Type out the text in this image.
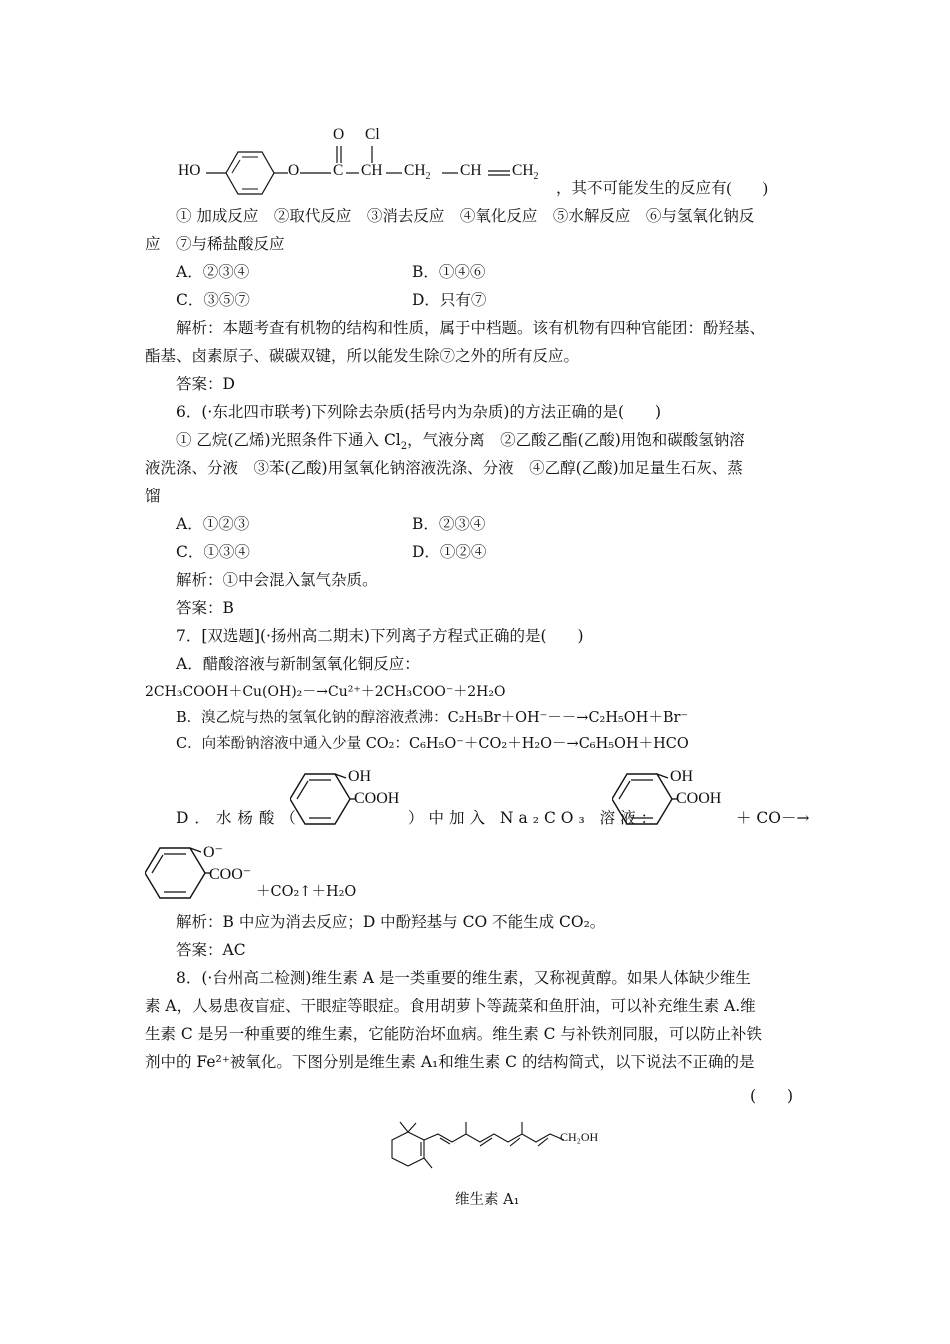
HO	O C
O
CH
Cl
$CH_2$ CH $CH_2$
，其不可能发生的反应有(　　)
① 加成反应　②取代反应　③消去反应　④氧化反应　⑤水解反应　⑥与氢氧化钠反
应　⑦与稀盐酸反应
A．②③④	B．①④⑥
C．③⑤⑦	D．只有⑦
解析：本题考查有机物的结构和性质，属于中档题。该有机物有四种官能团：酚羟基、
酯基、卤素原子、碳碳双键，所以能发生除⑦之外的所有反应。
答案：D
6．(·东北四市联考)下列除去杂质(括号内为杂质)的方法正确的是(　　)
① 乙烷(乙烯)光照条件下通入 $Cl_2$，气液分离　②乙酸乙酯(乙酸)用饱和碳酸氢钠溶
液洗涤、分液　③苯(乙酸)用氢氧化钠溶液洗涤、分液　④乙醇(乙酸)加足量生石灰、蒸
馏
A．①②③	B．②③④
C．①③④	D．①②④
解析：①中会混入氯气杂质。
答案：B
7．[双选题](·扬州高二期末)下列离子方程式正确的是(　　)
A．醋酸溶液与新制氢氧化铜反应：
2CH₃COOH＋Cu(OH)₂－→Cu²⁺＋2CH₃COO⁻＋2H₂O
B．溴乙烷与热的氢氧化钠的醇溶液煮沸：C₂H₅Br＋OH⁻－－→C₂H₅OH＋Br⁻
C．向苯酚钠溶液中通入少量 CO₂：C₆H₅O⁻＋CO₂＋H₂O－→C₆H₅OH＋HCO
D．水杨酸（
OH
COOH
）中加入 Na₂CO₃ 溶液：
OH
COOH
＋ CO－→
O⁻
COO⁻
＋CO₂↑＋H₂O
解析：B 中应为消去反应；D 中酚羟基与 CO 不能生成 CO₂。
答案：AC
8．(·台州高二检测)维生素 A 是一类重要的维生素，又称视黄醇。如果人体缺少维生
素 A，人易患夜盲症、干眼症等眼症。食用胡萝卜等蔬菜和鱼肝油，可以补充维生素 A.维
生素 C 是另一种重要的维生素，它能防治坏血病。维生素 C 与补铁剂同服，可以防止补铁
剂中的 Fe²⁺被氧化。下图分别是维生素 A₁和维生素 C 的结构简式，以下说法不正确的是
(　　)
CH₂OH
维生素 A₁
